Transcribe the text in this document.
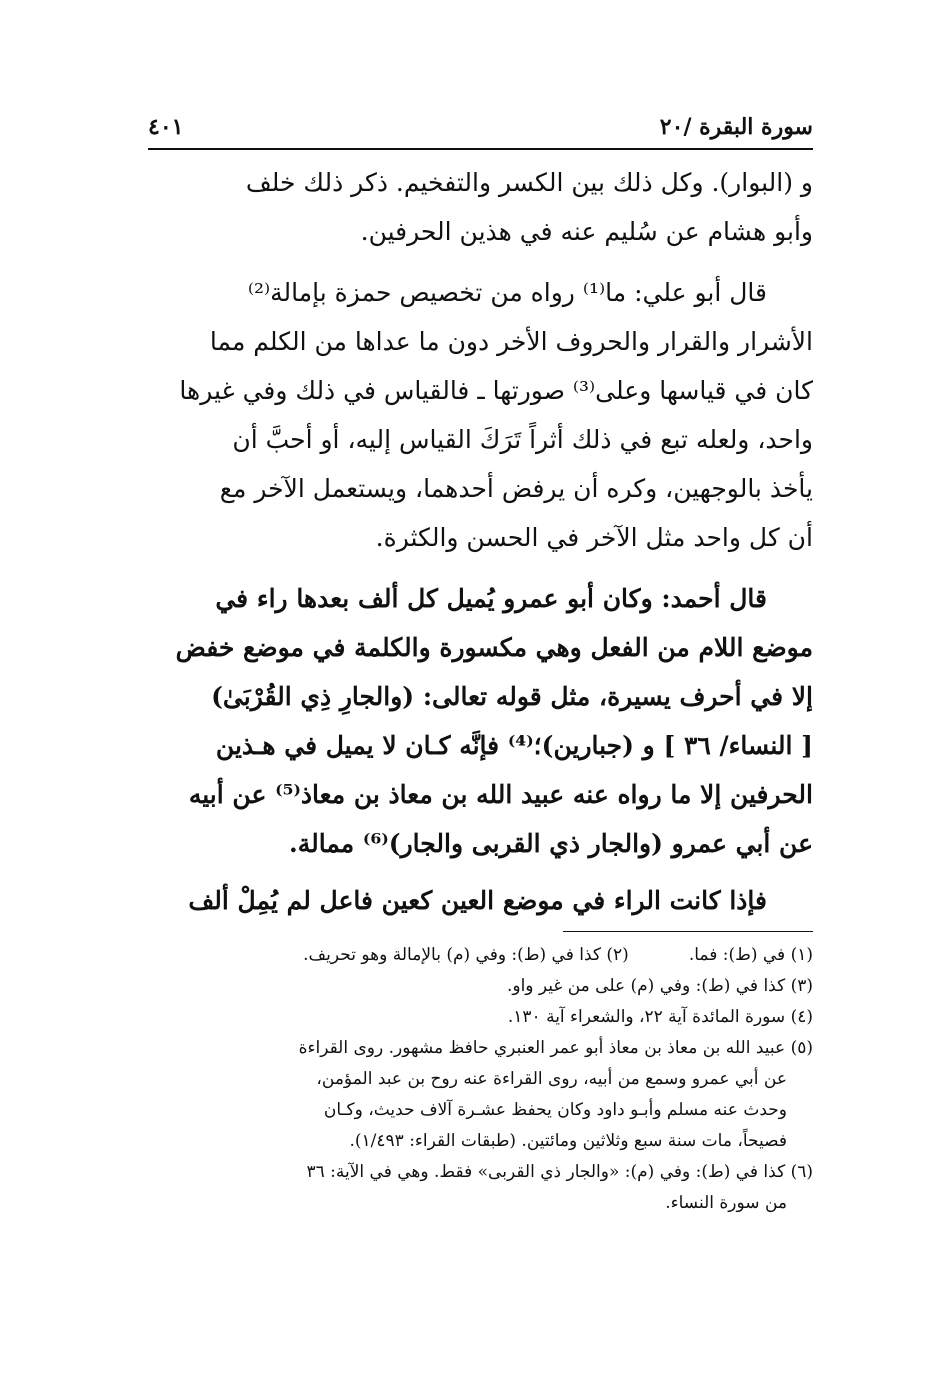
سورة البقرة /٢٠
٤٠١
و (البوار). وكل ذلك بين الكسر والتفخيم. ذكر ذلك خلف
وأبو هشام عن سُليم عنه في هذين الحرفين.
قال أبو علي: ما⁽¹⁾ رواه من تخصيص حمزة بإمالة⁽²⁾
الأشرار والقرار والحروف الأخر دون ما عداها من الكلم مما
كان في قياسها وعلى⁽³⁾ صورتها ـ فالقياس في ذلك وفي غيرها
واحد، ولعله تبع في ذلك أثراً تَرَكَ القياس إليه، أو أحبَّ أن
يأخذ بالوجهين، وكره أن يرفض أحدهما، ويستعمل الآخر مع
أن كل واحد مثل الآخر في الحسن والكثرة.
قال أحمد: وكان أبو عمرو يُميل كل ألف بعدها راء في
موضع اللام من الفعل وهي مكسورة والكلمة في موضع خفض
إلا في أحرف يسيرة، مثل قوله تعالى: (والجارِ ذِي القُرْبَىٰ)
[ النساء/ ٣٦ ] و (جبارين)؛⁽⁴⁾ فإنَّه كـان لا يميل في هـذين
الحرفين إلا ما رواه عنه عبيد الله بن معاذ بن معاذ⁽⁵⁾ عن أبيه
عن أبي عمرو (والجار ذي القربى والجار)⁽⁶⁾ ممالة.
فإذا كانت الراء في موضع العين كعين فاعل لم يُمِلْ ألف
(١) في (ط): فما.
(٢) كذا في (ط): وفي (م) بالإمالة وهو تحريف.
(٣) كذا في (ط): وفي (م) على من غير واو.
(٤) سورة المائدة آية ٢٢، والشعراء آية ١٣٠.
(٥) عبيد الله بن معاذ بن معاذ أبو عمر العنبري حافظ مشهور. روى القراءة
عن أبي عمرو وسمع من أبيه، روى القراءة عنه روح بن عبد المؤمن،
وحدث عنه مسلم وأبـو داود وكان يحفظ عشـرة آلاف حديث، وكـان
فصيحاً، مات سنة سبع وثلاثين ومائتين. (طبقات القراء: ١/٤٩٣).
(٦) كذا في (ط): وفي (م): «والجار ذي القربى» فقط. وهي في الآية: ٣٦
من سورة النساء.
